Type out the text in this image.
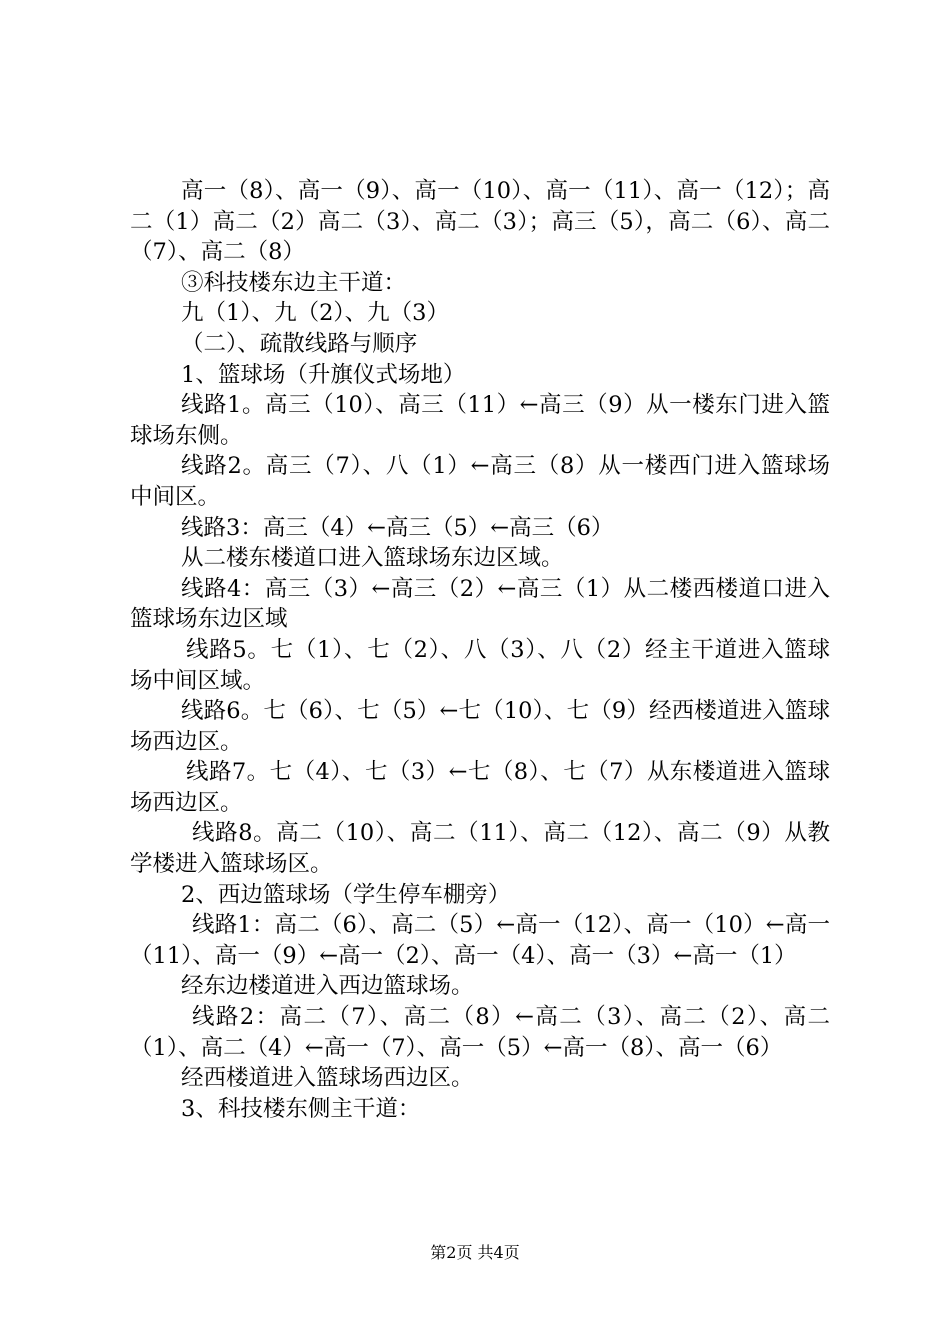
高一（8）、高一（9）、高一（10）、高一（11）、高一（12）；高二（1）高二（2）高二（3）、高二（3）；高三（5），高二（6）、高二（7）、高二（8）

③科技楼东边主干道：

九（1）、九（2）、九（3）

（二）、疏散线路与顺序

1、篮球场（升旗仪式场地）

线路1。高三（10）、高三（11）←高三（9）从一楼东门进入篮球场东侧。

线路2。高三（7）、八（1）←高三（8）从一楼西门进入篮球场中间区。

线路3：高三（4）←高三（5）←高三（6）

从二楼东楼道口进入篮球场东边区域。

线路4：高三（3）←高三（2）←高三（1）从二楼西楼道口进入篮球场东边区域

线路5。七（1）、七（2）、八（3）、八（2）经主干道进入篮球场中间区域。

线路6。七（6）、七（5）←七（10）、七（9）经西楼道进入篮球场西边区。

线路7。七（4）、七（3）←七（8）、七（7）从东楼道进入篮球场西边区。

线路8。高二（10）、高二（11）、高二（12）、高二（9）从教学楼进入篮球场区。

2、西边篮球场（学生停车棚旁）

线路1：高二（6）、高二（5）←高一（12）、高一（10）←高一（11）、高一（9）←高一（2）、高一（4）、高一（3）←高一（1）

经东边楼道进入西边篮球场。

线路2：高二（7）、高二（8）←高二（3）、高二（2）、高二（1）、高二（4）←高一（7）、高一（5）←高一（8）、高一（6）

经西楼道进入篮球场西边区。

3、科技楼东侧主干道：

第2页 共4页
